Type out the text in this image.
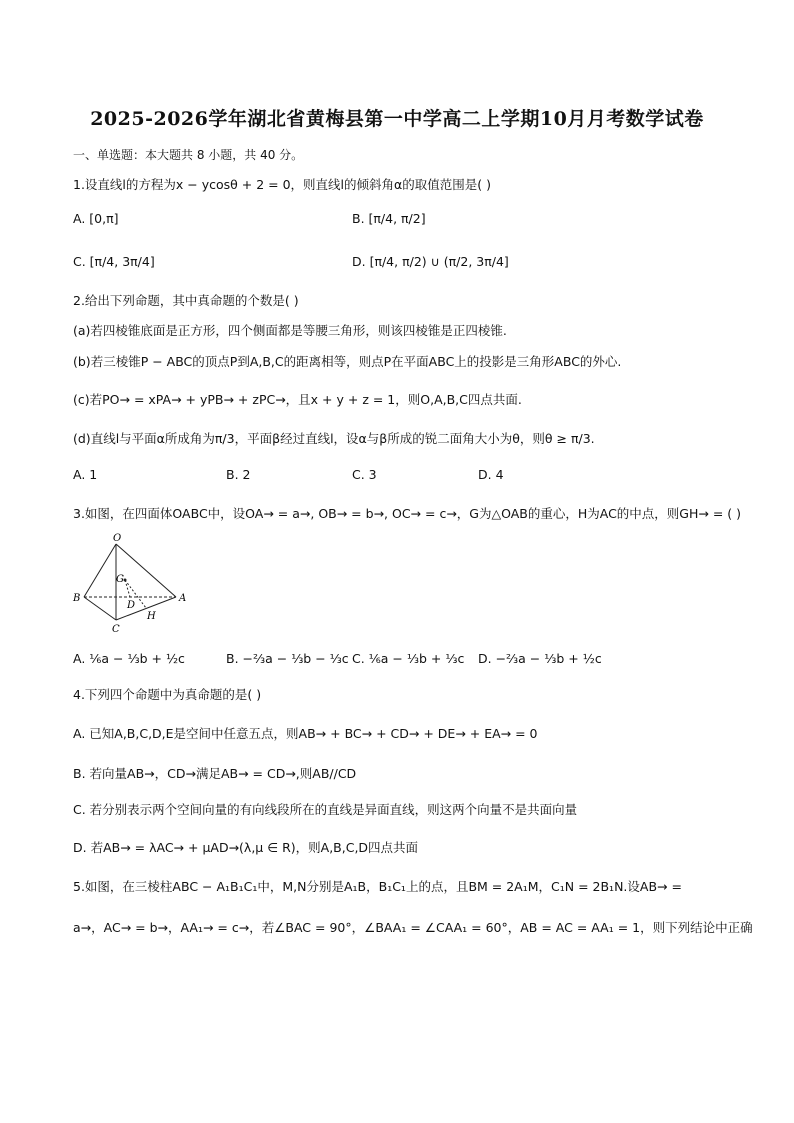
2025-2026学年湖北省黄梅县第一中学高二上学期10月月考数学试卷
一、单选题：本大题共 8 小题，共 40 分。
1.设直线l的方程为x − ycosθ + 2 = 0，则直线l的倾斜角α的取值范围是( )
A. [0,π]	B. [π/4, π/2]
C. [π/4, 3π/4]	D. [π/4, π/2) ∪ (π/2, 3π/4]
2.给出下列命题，其中真命题的个数是( )
(a)若四棱锥底面是正方形，四个侧面都是等腰三角形，则该四棱锥是正四棱锥.
(b)若三棱锥P − ABC的顶点P到A,B,C的距离相等，则点P在平面ABC上的投影是三角形ABC的外心.
(c)若PO→ = xPA→ + yPB→ + zPC→，且x + y + z = 1，则O,A,B,C四点共面.
(d)直线l与平面α所成角为π/3，平面β经过直线l，设α与β所成的锐二面角大小为θ，则θ ≥ π/3.
A. 1	B. 2	C. 3	D. 4
3.如图，在四面体OABC中，设OA→ = a→, OB→ = b→, OC→ = c→，G为△OAB的重心，H为AC的中点，则GH→ = ( )
O
B	A
C
G
D
H
A. ⅙a − ⅓b + ½c	B. −⅔a − ⅓b − ⅓c C. ⅙a − ⅓b + ⅓c D. −⅔a − ⅓b + ½c
4.下列四个命题中为真命题的是( )
A. 已知A,B,C,D,E是空间中任意五点，则AB→ + BC→ + CD→ + DE→ + EA→ = 0
B. 若向量AB→，CD→满足AB→ = CD→,则AB//CD
C. 若分别表示两个空间向量的有向线段所在的直线是异面直线，则这两个向量不是共面向量
D. 若AB→ = λAC→ + μAD→(λ,μ ∈ R)，则A,B,C,D四点共面
5.如图，在三棱柱ABC − A₁B₁C₁中，M,N分别是A₁B，B₁C₁上的点，且BM = 2A₁M，C₁N = 2B₁N.设AB→ =
a→，AC→ = b→，AA₁→ = c→，若∠BAC = 90°，∠BAA₁ = ∠CAA₁ = 60°，AB = AC = AA₁ = 1，则下列结论中正确
